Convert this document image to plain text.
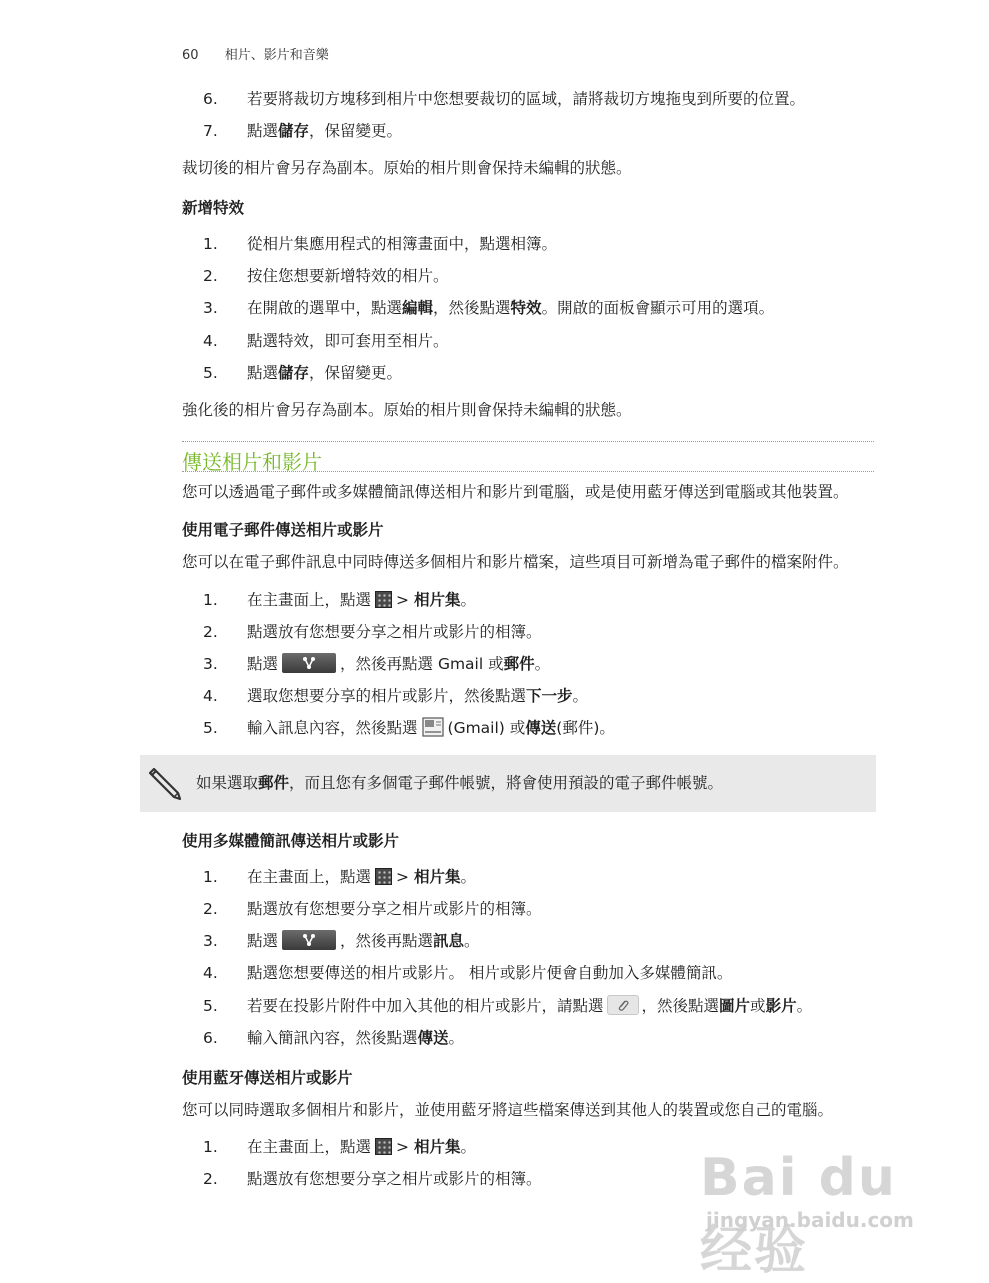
60 相片、影片和音樂
6. 若要將裁切方塊移到相片中您想要裁切的區域，請將裁切方塊拖曳到所要的位置。
7. 點選儲存，保留變更。
裁切後的相片會另存為副本。原始的相片則會保持未編輯的狀態。
新增特效
1. 從相片集應用程式的相簿畫面中，點選相簿。
2. 按住您想要新增特效的相片。
3. 在開啟的選單中，點選編輯，然後點選特效。開啟的面板會顯示可用的選項。
4. 點選特效，即可套用至相片。
5. 點選儲存，保留變更。
強化後的相片會另存為副本。原始的相片則會保持未編輯的狀態。
傳送相片和影片
您可以透過電子郵件或多媒體簡訊傳送相片和影片到電腦，或是使用藍牙傳送到電腦或其他裝置。
使用電子郵件傳送相片或影片
您可以在電子郵件訊息中同時傳送多個相片和影片檔案，這些項目可新增為電子郵件的檔案附件。
1. 在主畫面上，點選 > 相片集。
2. 點選放有您想要分享之相片或影片的相簿。
3. 點選	，然後再點選 Gmail 或郵件。
4. 選取您想要分享的相片或影片，然後點選下一步。
5. 輸入訊息內容，然後點選 (Gmail) 或傳送(郵件)。
如果選取郵件，而且您有多個電子郵件帳號，將會使用預設的電子郵件帳號。
使用多媒體簡訊傳送相片或影片
1. 在主畫面上，點選 > 相片集。
2. 點選放有您想要分享之相片或影片的相簿。
3. 點選	，然後再點選訊息。
4. 點選您想要傳送的相片或影片。 相片或影片便會自動加入多媒體簡訊。
5. 若要在投影片附件中加入其他的相片或影片，請點選 ，然後點選圖片或影片。
6. 輸入簡訊內容，然後點選傳送。
使用藍牙傳送相片或影片
您可以同時選取多個相片和影片，並使用藍牙將這些檔案傳送到其他人的裝置或您自己的電腦。
1. 在主畫面上，點選 > 相片集。
2. 點選放有您想要分享之相片或影片的相簿。	Bai du 经验
jingyan.baidu.com
